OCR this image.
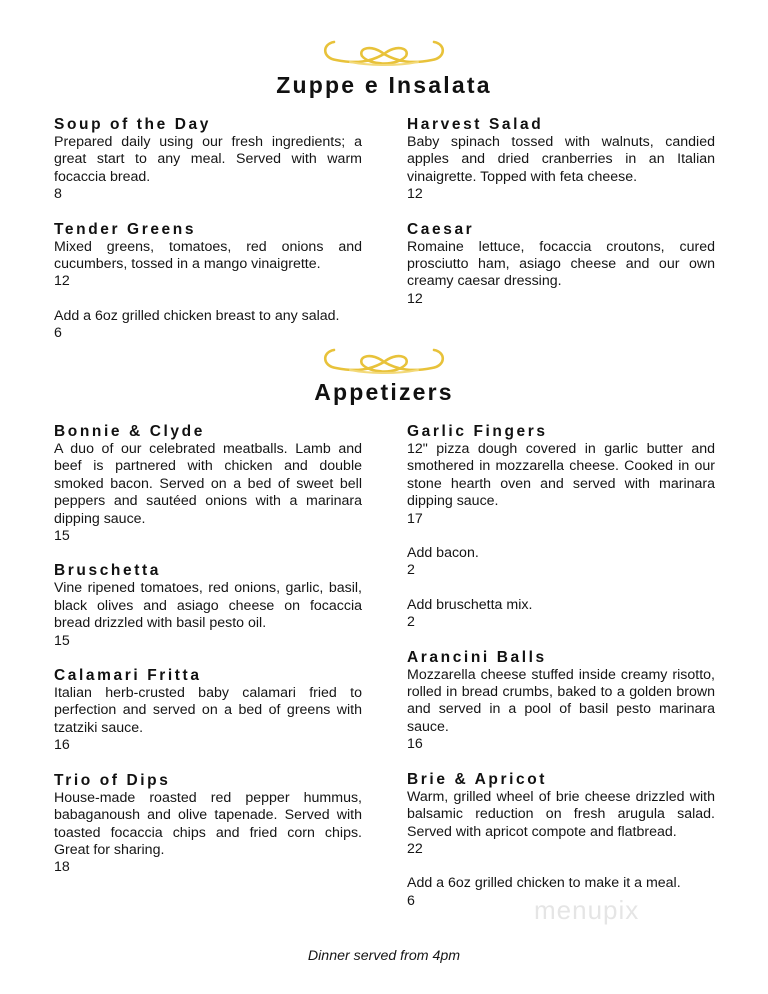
Zuppe e Insalata
Soup of the Day
Prepared daily using our fresh ingredients; a great start to any meal. Served with warm focaccia bread.
8
Tender Greens
Mixed greens, tomatoes, red onions and cucumbers, tossed in a mango vinaigrette.
12
Add a 6oz grilled chicken breast to any salad.
6
Harvest Salad
Baby spinach tossed with walnuts, candied apples and dried cranberries in an Italian vinaigrette. Topped with feta cheese.
12
Caesar
Romaine lettuce, focaccia croutons, cured prosciutto ham, asiago cheese and our own creamy caesar dressing.
12
Appetizers
Bonnie & Clyde
A duo of our celebrated meatballs. Lamb and beef is partnered with chicken and double smoked bacon. Served on a bed of sweet bell peppers and sautéed onions with a marinara dipping sauce.
15
Bruschetta
Vine ripened tomatoes, red onions, garlic, basil, black olives and asiago cheese on focaccia bread drizzled with basil pesto oil.
15
Calamari Fritta
Italian herb-crusted baby calamari fried to perfection and served on a bed of greens with tzatziki sauce.
16
Trio of Dips
House-made roasted red pepper hummus, babaganoush and olive tapenade. Served with toasted focaccia chips and fried corn chips. Great for sharing.
18
Garlic Fingers
12" pizza dough covered in garlic butter and smothered in mozzarella cheese. Cooked in our stone hearth oven and served with marinara dipping sauce.
17
Add bacon.
2
Add bruschetta mix.
2
Arancini Balls
Mozzarella cheese stuffed inside creamy risotto, rolled in bread crumbs, baked to a golden brown and served in a pool of basil pesto marinara sauce.
16
Brie & Apricot
Warm, grilled wheel of brie cheese drizzled with balsamic reduction on fresh arugula salad. Served with apricot compote and flatbread.
22
Add a 6oz grilled chicken to make it a meal.
6	menupix
Dinner served from 4pm
